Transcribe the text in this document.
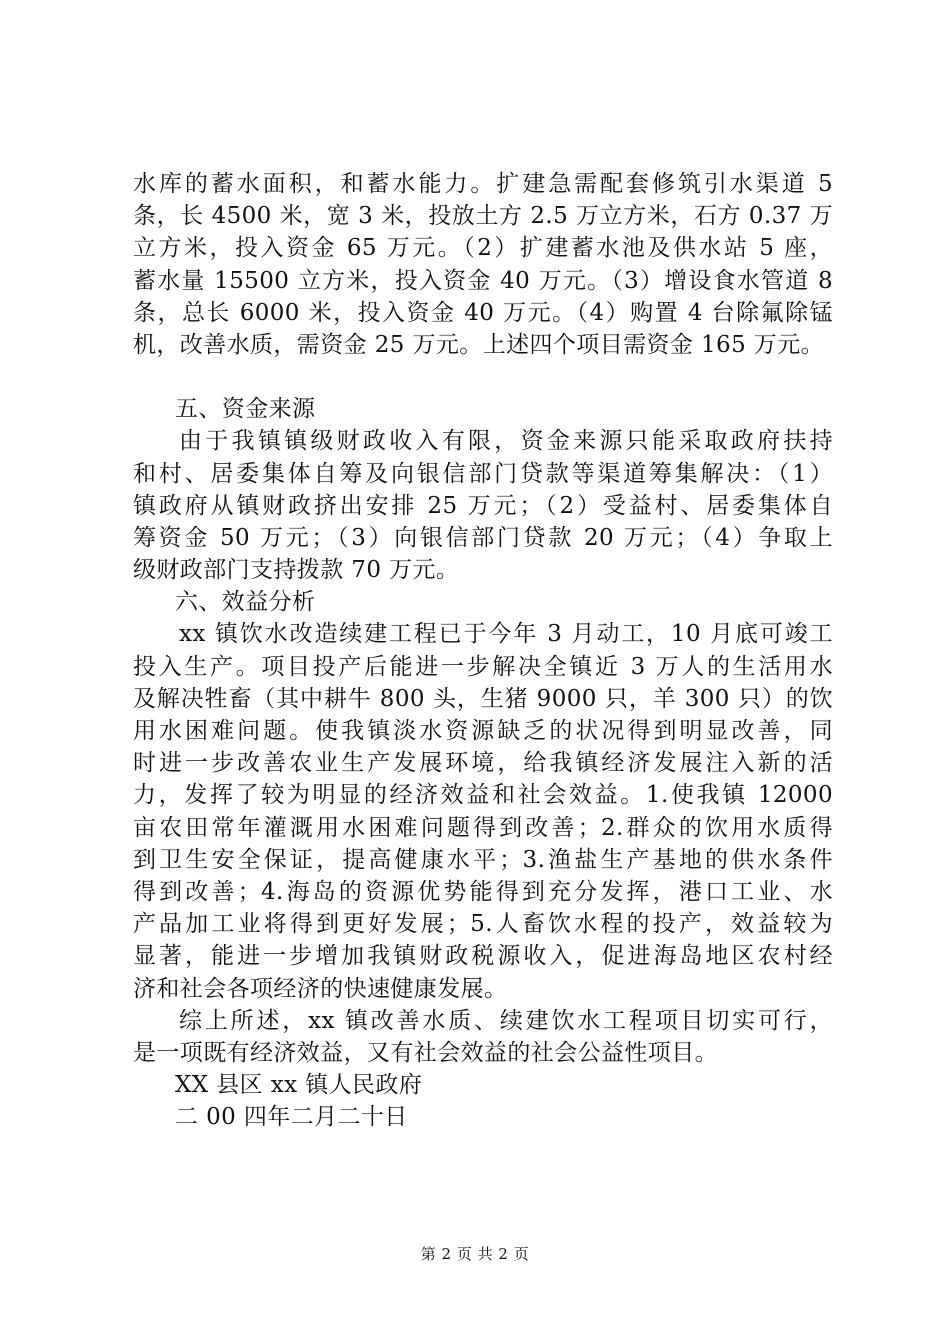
水库的蓄水面积，和蓄水能力。扩建急需配套修筑引水渠道 5
条，长 4500 米，宽 3 米，投放土方 2.5 万立方米，石方 0.37 万
立方米，投入资金 65 万元。（2）扩建蓄水池及供水站 5 座，
蓄水量 15500 立方米，投入资金 40 万元。（3）增设食水管道 8
条，总长 6000 米，投入资金 40 万元。（4）购置 4 台除氟除锰
机，改善水质，需资金 25 万元。上述四个项目需资金 165 万元。
五、资金来源
由于我镇镇级财政收入有限，资金来源只能采取政府扶持
和村、居委集体自筹及向银信部门贷款等渠道筹集解决：（1）
镇政府从镇财政挤出安排 25 万元；（2）受益村、居委集体自
筹资金 50 万元；（3）向银信部门贷款 20 万元；（4）争取上
级财政部门支持拨款 70 万元。
六、效益分析
xx 镇饮水改造续建工程已于今年 3 月动工，10 月底可竣工
投入生产。项目投产后能进一步解决全镇近 3 万人的生活用水
及解决牲畜（其中耕牛 800 头，生猪 9000 只，羊 300 只）的饮
用水困难问题。使我镇淡水资源缺乏的状况得到明显改善，同
时进一步改善农业生产发展环境，给我镇经济发展注入新的活
力，发挥了较为明显的经济效益和社会效益。1.使我镇 12000
亩农田常年灌溉用水困难问题得到改善；2.群众的饮用水质得
到卫生安全保证，提高健康水平；3.渔盐生产基地的供水条件
得到改善；4.海岛的资源优势能得到充分发挥，港口工业、水
产品加工业将得到更好发展；5.人畜饮水程的投产，效益较为
显著，能进一步增加我镇财政税源收入，促进海岛地区农村经
济和社会各项经济的快速健康发展。
综上所述，xx 镇改善水质、续建饮水工程项目切实可行，
是一项既有经济效益，又有社会效益的社会公益性项目。
XX 县区 xx 镇人民政府
二 00 四年二月二十日
第 2 页 共 2 页
